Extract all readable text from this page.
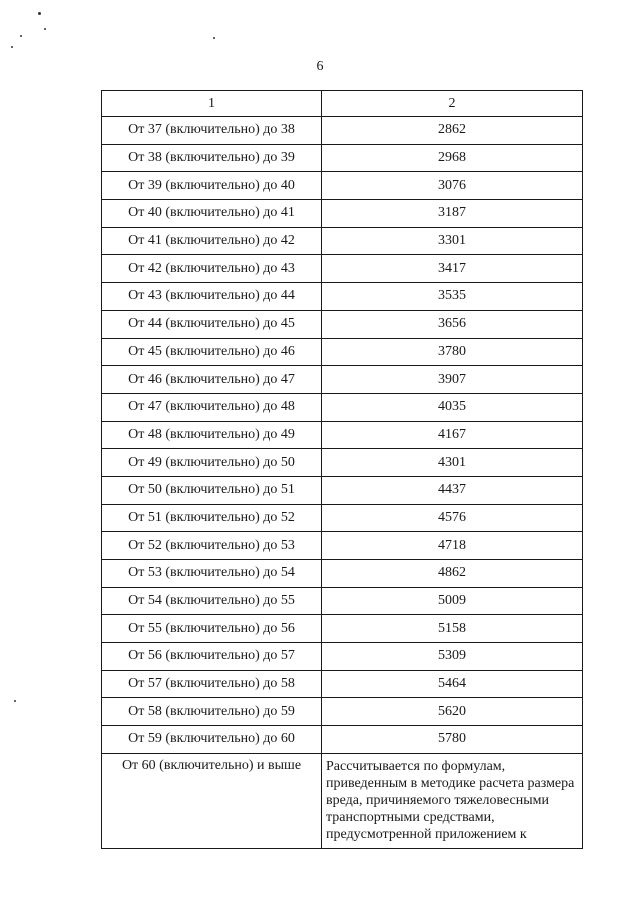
6
1	2
От 37 (включительно) до 38	2862
От 38 (включительно) до 39	2968
От 39 (включительно) до 40	3076
От 40 (включительно) до 41	3187
От 41 (включительно) до 42	3301
От 42 (включительно) до 43	3417
От 43 (включительно) до 44	3535
От 44 (включительно) до 45	3656
От 45 (включительно) до 46	3780
От 46 (включительно) до 47	3907
От 47 (включительно) до 48	4035
От 48 (включительно) до 49	4167
От 49 (включительно) до 50	4301
От 50 (включительно) до 51	4437
От 51 (включительно) до 52	4576
От 52 (включительно) до 53	4718
От 53 (включительно) до 54	4862
От 54 (включительно) до 55	5009
От 55 (включительно) до 56	5158
От 56 (включительно) до 57	5309
От 57 (включительно) до 58	5464
От 58 (включительно) до 59	5620
От 59 (включительно) до 60	5780
От 60 (включительно) и выше	Рассчитывается по формулам,
приведенным в методике расчета размера
вреда, причиняемого тяжеловесными
транспортными средствами,
предусмотренной приложением к
